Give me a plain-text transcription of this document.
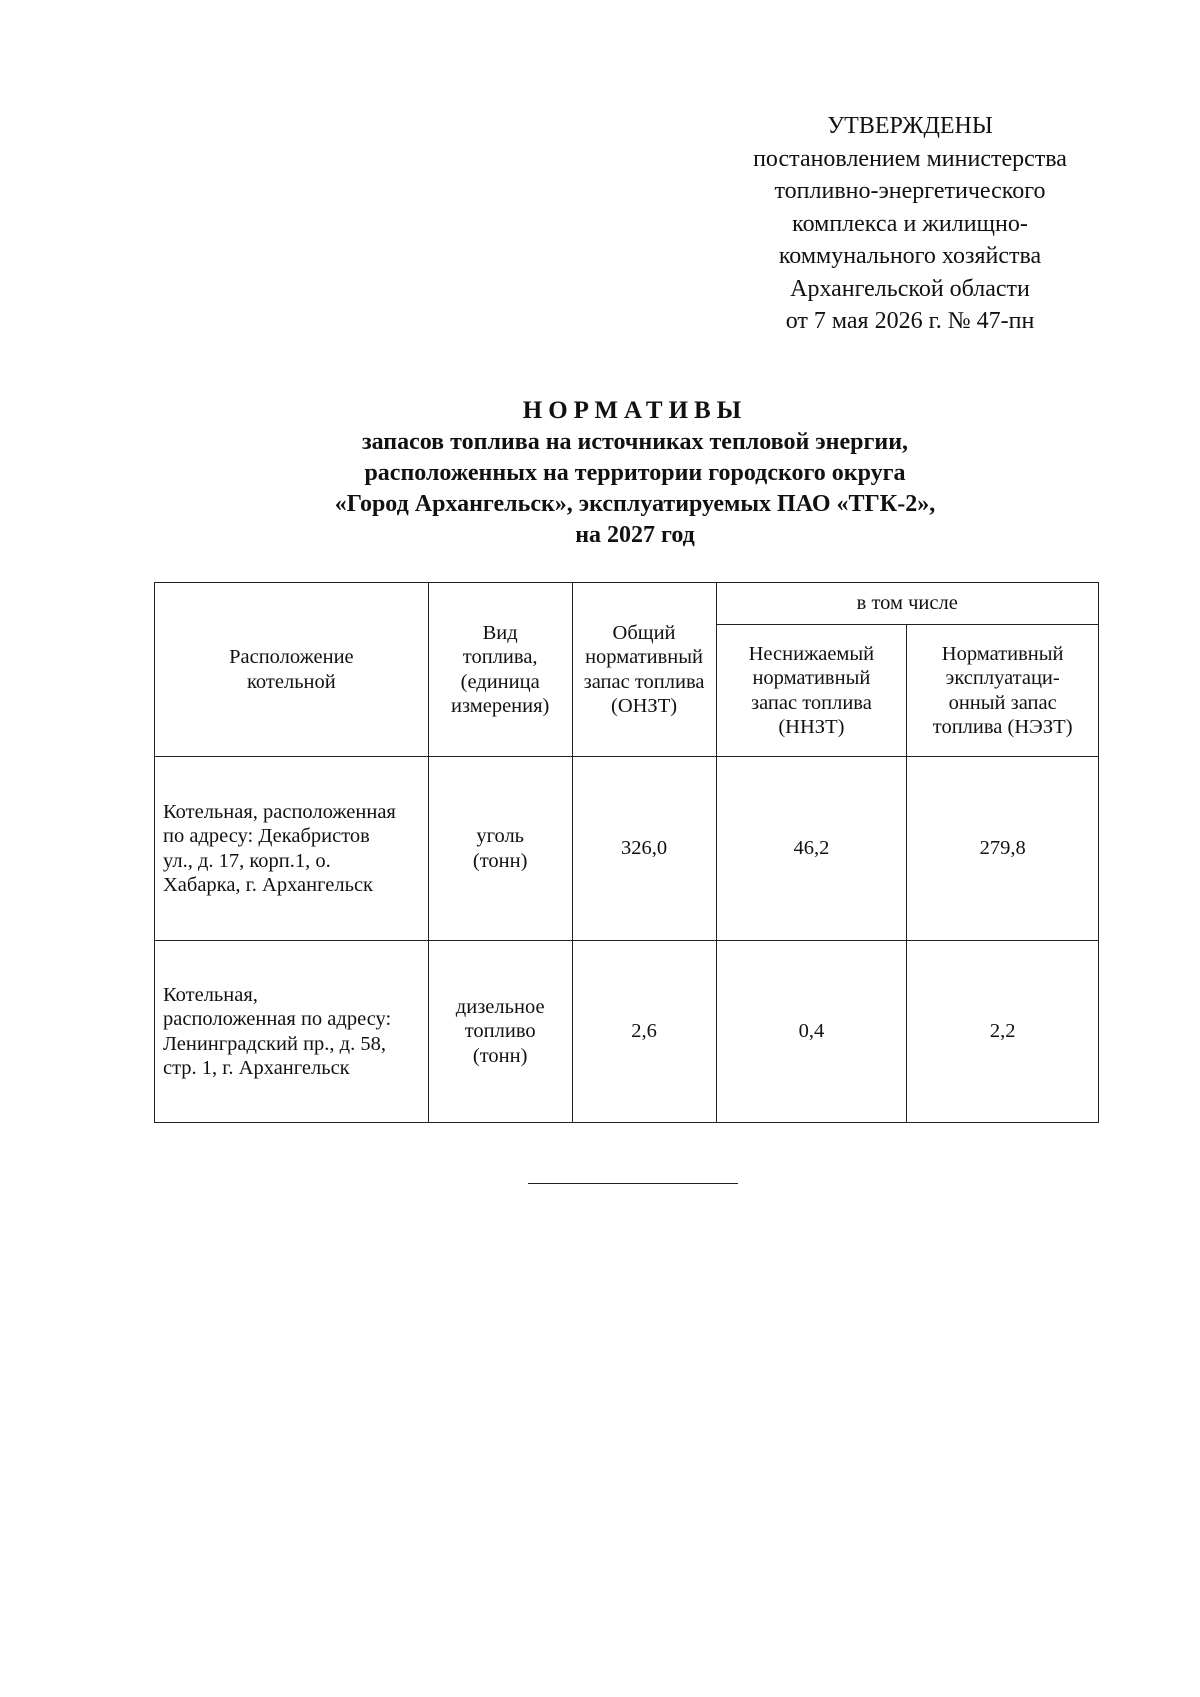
УТВЕРЖДЕНЫ
постановлением министерства
топливно-энергетического
комплекса и жилищно-
коммунального хозяйства
Архангельской области
от 7 мая 2026 г. № 47-пн
НОРМАТИВЫ
запасов топлива на источниках тепловой энергии,
расположенных на территории городского округа
«Город Архангельск», эксплуатируемых ПАО «ТГК-2»,
на 2027 год
Расположение котельной	Вид топлива, (единица измерения)	Общий нормативный запас топлива (ОНЗТ)	в том числе	

			Неснижаемый нормативный запас топлива (ННЗТ)	Нормативный эксплуатаци-онный запас топлива (НЭЗТ)

Котельная, расположенная по адресу: Декабристов ул., д. 17, корп.1, о. Хабарка, г. Архангельск	уголь (тонн)	326,0	46,2	279,8

Котельная, расположенная по адресу: Ленинградский пр., д. 58, стр. 1, г. Архангельск	дизельное топливо (тонн)	2,6	0,4	2,2
